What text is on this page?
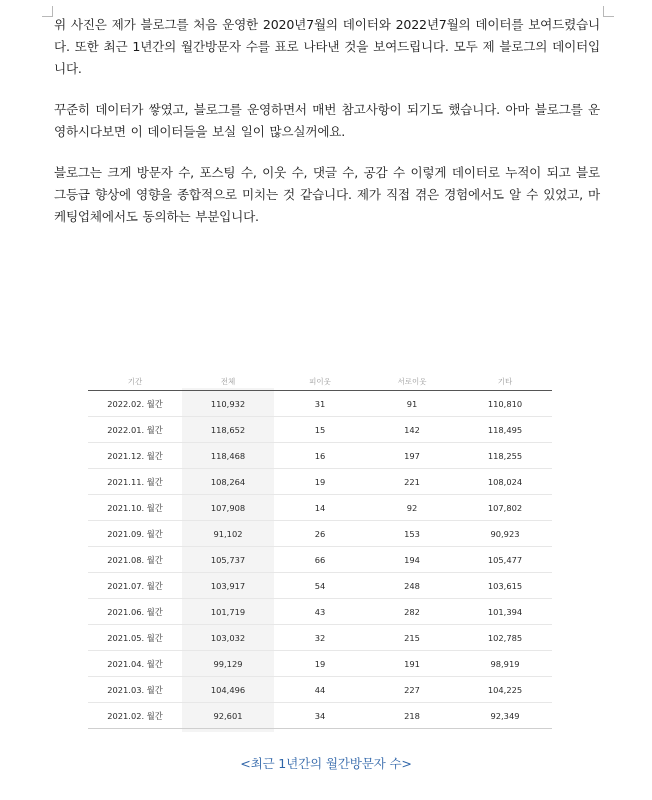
위 사진은 제가 블로그를 처음 운영한 2020년7월의 데이터와 2022년7월의 데이터를 보여드렸습니다. 또한 최근 1년간의 월간방문자 수를 표로 나타낸 것을 보여드립니다. 모두 제 블로그의 데이터입니다.

꾸준히 데이터가 쌓였고, 블로그를 운영하면서 매번 참고사항이 되기도 했습니다. 아마 블로그를 운영하시다보면 이 데이터들을 보실 일이 많으실꺼에요.

블로그는 크게 방문자 수, 포스팅 수, 이웃 수, 댓글 수, 공감 수 이렇게 데이터로 누적이 되고 블로그등급 향상에 영향을 종합적으로 미치는 것 같습니다. 제가 직접 겪은 경험에서도 알 수 있었고, 마케팅업체에서도 동의하는 부분입니다.

기간	전체	피이웃	서로이웃	기타
2022.02. 월간	110,932	31	91	110,810
2022.01. 월간	118,652	15	142	118,495
2021.12. 월간	118,468	16	197	118,255
2021.11. 월간	108,264	19	221	108,024
2021.10. 월간	107,908	14	92	107,802
2021.09. 월간	91,102	26	153	90,923
2021.08. 월간	105,737	66	194	105,477
2021.07. 월간	103,917	54	248	103,615
2021.06. 월간	101,719	43	282	101,394
2021.05. 월간	103,032	32	215	102,785
2021.04. 월간	99,129	19	191	98,919
2021.03. 월간	104,496	44	227	104,225
2021.02. 월간	92,601	34	218	92,349
<최근 1년간의 월간방문자 수>
